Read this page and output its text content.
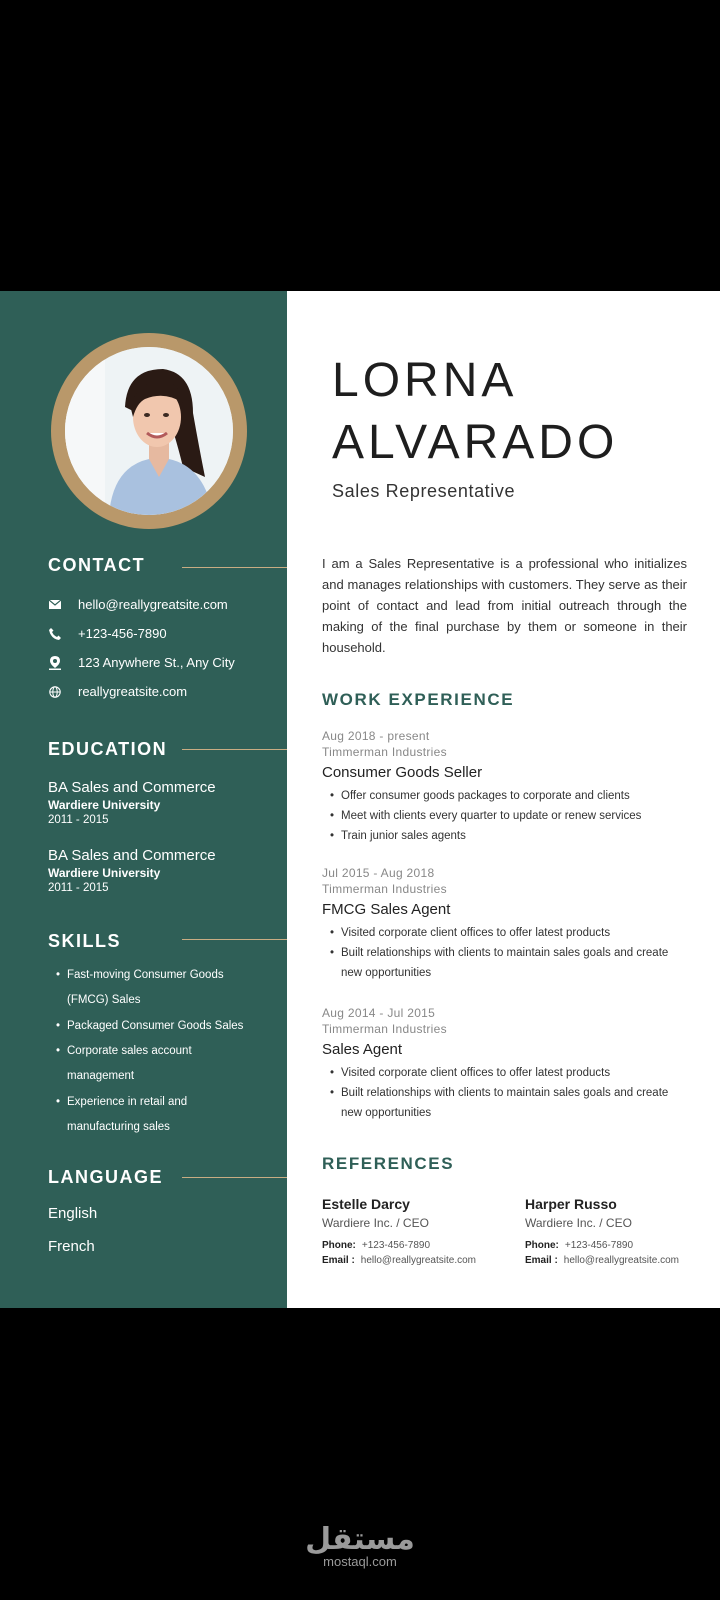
CONTACT
hello@reallygreatsite.com
+123-456-7890
123 Anywhere St., Any City
reallygreatsite.com
EDUCATION
BA Sales and Commerce
Wardiere University
2011 - 2015
BA Sales and Commerce
Wardiere University
2011 - 2015
SKILLS
• Fast-moving Consumer Goods (FMCG) Sales
• Packaged Consumer Goods Sales
• Corporate sales account management
• Experience in retail and manufacturing sales
LANGUAGE
English
French
LORNA
ALVARADO
Sales Representative

I am a Sales Representative is a professional who initializes and manages relationships with customers. They serve as their point of contact and lead from initial outreach through the making of the final purchase by them or someone in their household.

WORK EXPERIENCE
Aug 2018 - present
Timmerman Industries
Consumer Goods Seller
• Offer consumer goods packages to corporate and clients
• Meet with clients every quarter to update or renew services
• Train junior sales agents
Jul 2015 - Aug 2018
Timmerman Industries
FMCG Sales Agent
• Visited corporate client offices to offer latest products
• Built relationships with clients to maintain sales goals and create new opportunities
Aug 2014 - Jul 2015
Timmerman Industries
Sales Agent
• Visited corporate client offices to offer latest products
• Built relationships with clients to maintain sales goals and create new opportunities
REFERENCES
Estelle Darcy
Wardiere Inc. / CEO
Phone: +123-456-7890
Email : hello@reallygreatsite.com
Harper Russo
Wardiere Inc. / CEO
Phone: +123-456-7890
Email : hello@reallygreatsite.com
مستقل
mostaql.com
